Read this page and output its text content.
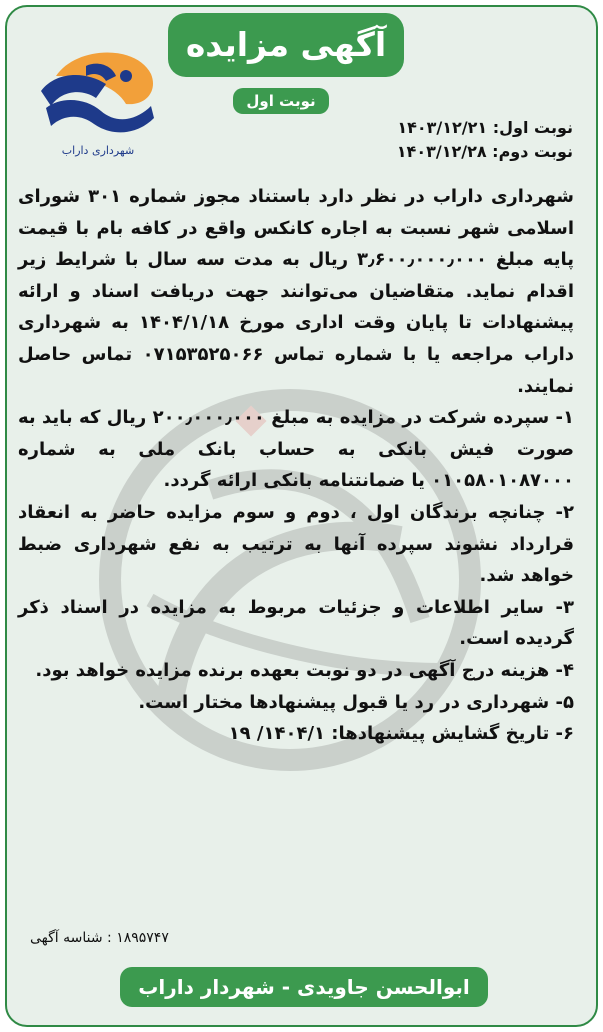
آگهی مزایده
نوبت اول
شهرداری داراب
نوبت اول: ۱۴۰۳/۱۲/۲۱
نوبت دوم: ۱۴۰۳/۱۲/۲۸

شهرداری داراب در نظر دارد باستناد مجوز شماره ۳۰۱ شورای اسلامی شهر نسبت به اجاره کانکس واقع در کافه بام با قیمت پایه مبلغ ۳٫۶۰۰٫۰۰۰٫۰۰۰ ریال به مدت سه سال با شرایط زیر اقدام نماید. متقاضیان می‌توانند جهت دریافت اسناد و ارائه پیشنهادات تا پایان وقت اداری مورخ ۱۴۰۴/۱/۱۸ به شهرداری داراب مراجعه یا با شماره تماس ۰۷۱۵۳۵۲۵۰۶۶ تماس حاصل نمایند.

۱- سپرده شرکت در مزایده به مبلغ ۲۰۰٫۰۰۰٫۰۰۰ ریال که باید به صورت فیش بانکی به حساب بانک ملی به شماره ۰۱۰۵۸۰۱۰۸۷۰۰۰ یا ضمانتنامه بانکی ارائه گردد.

۲- چنانچه برندگان اول ، دوم و سوم مزایده حاضر به انعقاد قرارداد نشوند سپرده آنها به ترتیب به نفع شهرداری ضبط خواهد شد.

۳- سایر اطلاعات و جزئیات مربوط به مزایده در اسناد ذکر گردیده است.

۴- هزینه درج آگهی در دو نوبت بعهده برنده مزایده خواهد بود.

۵- شهرداری در رد یا قبول پیشنهادها مختار است.

۶- تاریخ گشایش پیشنهادها: ۱۴۰۴/۱/ ۱۹

۱۸۹۵۷۴۷ : شناسه آگهی
ابوالحسن جاویدی - شهردار داراب
